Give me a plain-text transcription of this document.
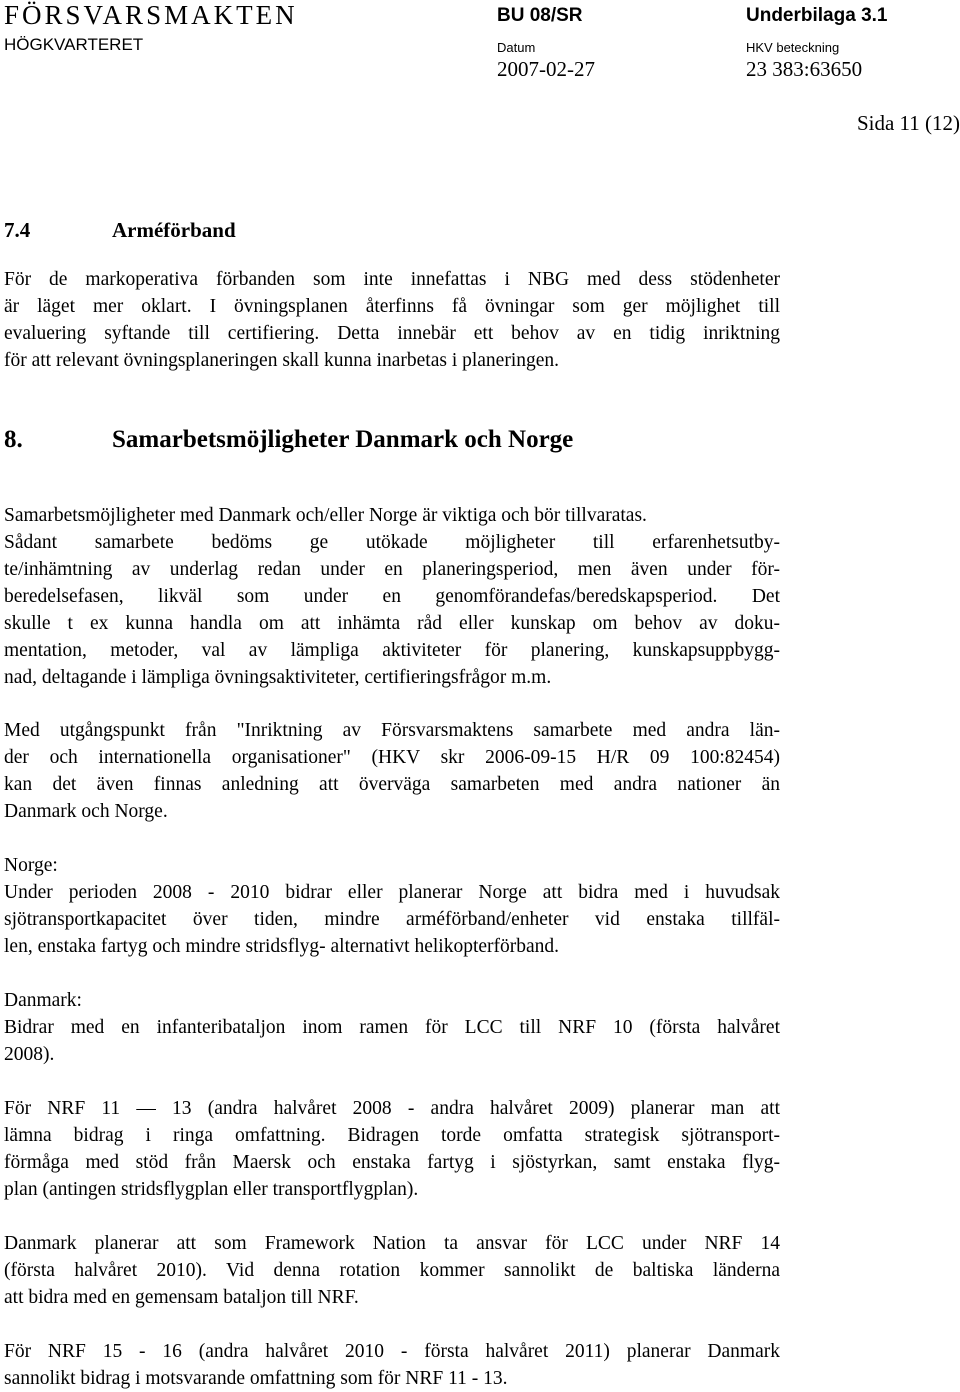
FÖRSVARSMAKTEN
HÖGKVARTERET
BU 08/SR	Underbilaga 3.1
Datum	HKV beteckning
2007-02-27	23 383:63650
Sida 11 (12)
7.4	Arméförband
För de markoperativa förbanden som inte innefattas i NBG med dess stödenheter
är läget mer oklart. I övningsplanen återfinns få övningar som ger möjlighet till
evaluering syftande till certifiering. Detta innebär ett behov av en tidig inriktning
för att relevant övningsplaneringen skall kunna inarbetas i planeringen.
8.	Samarbetsmöjligheter Danmark och Norge
Samarbetsmöjligheter med Danmark och/eller Norge är viktiga och bör tillvaratas.
Sådant samarbete bedöms ge utökade möjligheter till erfarenhetsutby-
te/inhämtning av underlag redan under en planeringsperiod, men även under för-
beredelsefasen, likväl som under en genomförandefas/beredskapsperiod. Det
skulle t ex kunna handla om att inhämta råd eller kunskap om behov av doku-
mentation, metoder, val av lämpliga aktiviteter för planering, kunskapsuppbygg-
nad, deltagande i lämpliga övningsaktiviteter, certifieringsfrågor m.m.
Med utgångspunkt från "Inriktning av Försvarsmaktens samarbete med andra län-
der och internationella organisationer" (HKV skr 2006-09-15 H/R 09 100:82454)
kan det även finnas anledning att överväga samarbeten med andra nationer än
Danmark och Norge.
Norge:
Under perioden 2008 - 2010 bidrar eller planerar Norge att bidra med i huvudsak
sjötransportkapacitet över tiden, mindre arméförband/enheter vid enstaka tillfäl-
len, enstaka fartyg och mindre stridsflyg- alternativt helikopterförband.
Danmark:
Bidrar med en infanteribataljon inom ramen för LCC till NRF 10 (första halvåret
2008).
För NRF 11 — 13 (andra halvåret 2008 - andra halvåret 2009) planerar man att
lämna bidrag i ringa omfattning. Bidragen torde omfatta strategisk sjötransport-
förmåga med stöd från Maersk och enstaka fartyg i sjöstyrkan, samt enstaka flyg-
plan (antingen stridsflygplan eller transportflygplan).
Danmark planerar att som Framework Nation ta ansvar för LCC under NRF 14
(första halvåret 2010). Vid denna rotation kommer sannolikt de baltiska länderna
att bidra med en gemensam bataljon till NRF.
För NRF 15 - 16 (andra halvåret 2010 - första halvåret 2011) planerar Danmark
sannolikt bidrag i motsvarande omfattning som för NRF 11 - 13.
